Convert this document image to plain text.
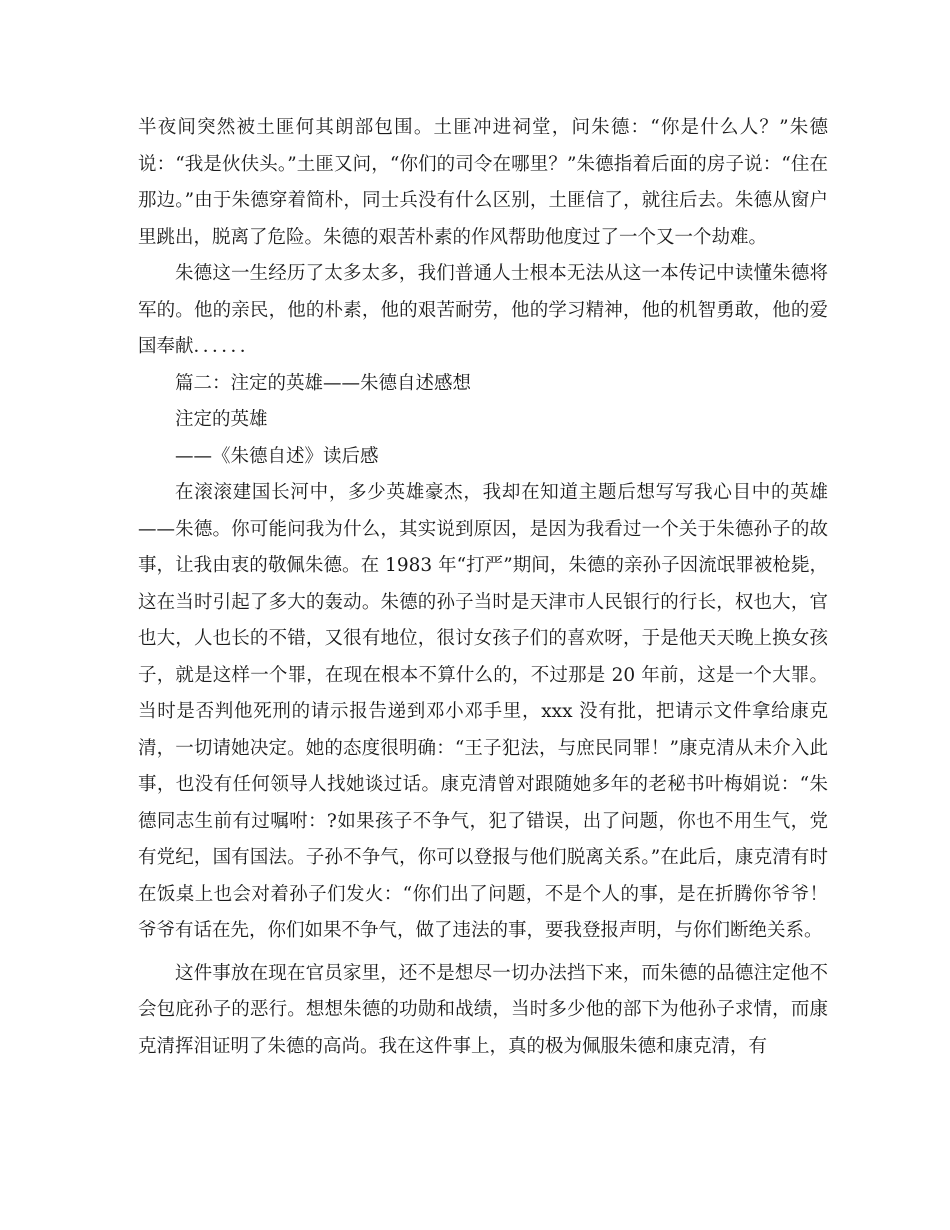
半夜间突然被土匪何其朗部包围。土匪冲进祠堂，问朱德：“你是什么人？”朱德说：“我是伙伕头。”土匪又问，“你们的司令在哪里？”朱德指着后面的房子说：“住在那边。”由于朱德穿着简朴，同士兵没有什么区别，土匪信了，就往后去。朱德从窗户里跳出，脱离了危险。朱德的艰苦朴素的作风帮助他度过了一个又一个劫难。

朱德这一生经历了太多太多，我们普通人士根本无法从这一本传记中读懂朱德将军的。他的亲民，他的朴素，他的艰苦耐劳，他的学习精神，他的机智勇敢，他的爱国奉献．．．．．．

篇二：注定的英雄——朱德自述感想

注定的英雄

——《朱德自述》读后感

在滚滚建国长河中，多少英雄豪杰，我却在知道主题后想写写我心目中的英雄——朱德。你可能问我为什么，其实说到原因，是因为我看过一个关于朱德孙子的故事，让我由衷的敬佩朱德。在 1983 年“打严”期间，朱德的亲孙子因流氓罪被枪毙，这在当时引起了多大的轰动。朱德的孙子当时是天津市人民银行的行长，权也大，官也大，人也长的不错，又很有地位，很讨女孩子们的喜欢呀，于是他天天晚上换女孩子，就是这样一个罪，在现在根本不算什么的，不过那是 20 年前，这是一个大罪。当时是否判他死刑的请示报告递到邓小邓手里，xxx 没有批，把请示文件拿给康克清，一切请她决定。她的态度很明确：“王子犯法，与庶民同罪！”康克清从未介入此事，也没有任何领导人找她谈过话。康克清曾对跟随她多年的老秘书叶梅娟说：“朱德同志生前有过嘱咐：?如果孩子不争气，犯了错误，出了问题，你也不用生气，党有党纪，国有国法。子孙不争气，你可以登报与他们脱离关系。”在此后，康克清有时在饭桌上也会对着孙子们发火：“你们出了问题，不是个人的事，是在折腾你爷爷！爷爷有话在先，你们如果不争气，做了违法的事，要我登报声明，与你们断绝关系。

这件事放在现在官员家里，还不是想尽一切办法挡下来，而朱德的品德注定他不会包庇孙子的恶行。想想朱德的功勋和战绩，当时多少他的部下为他孙子求情，而康克清挥泪证明了朱德的高尚。我在这件事上，真的极为佩服朱德和康克清，有
